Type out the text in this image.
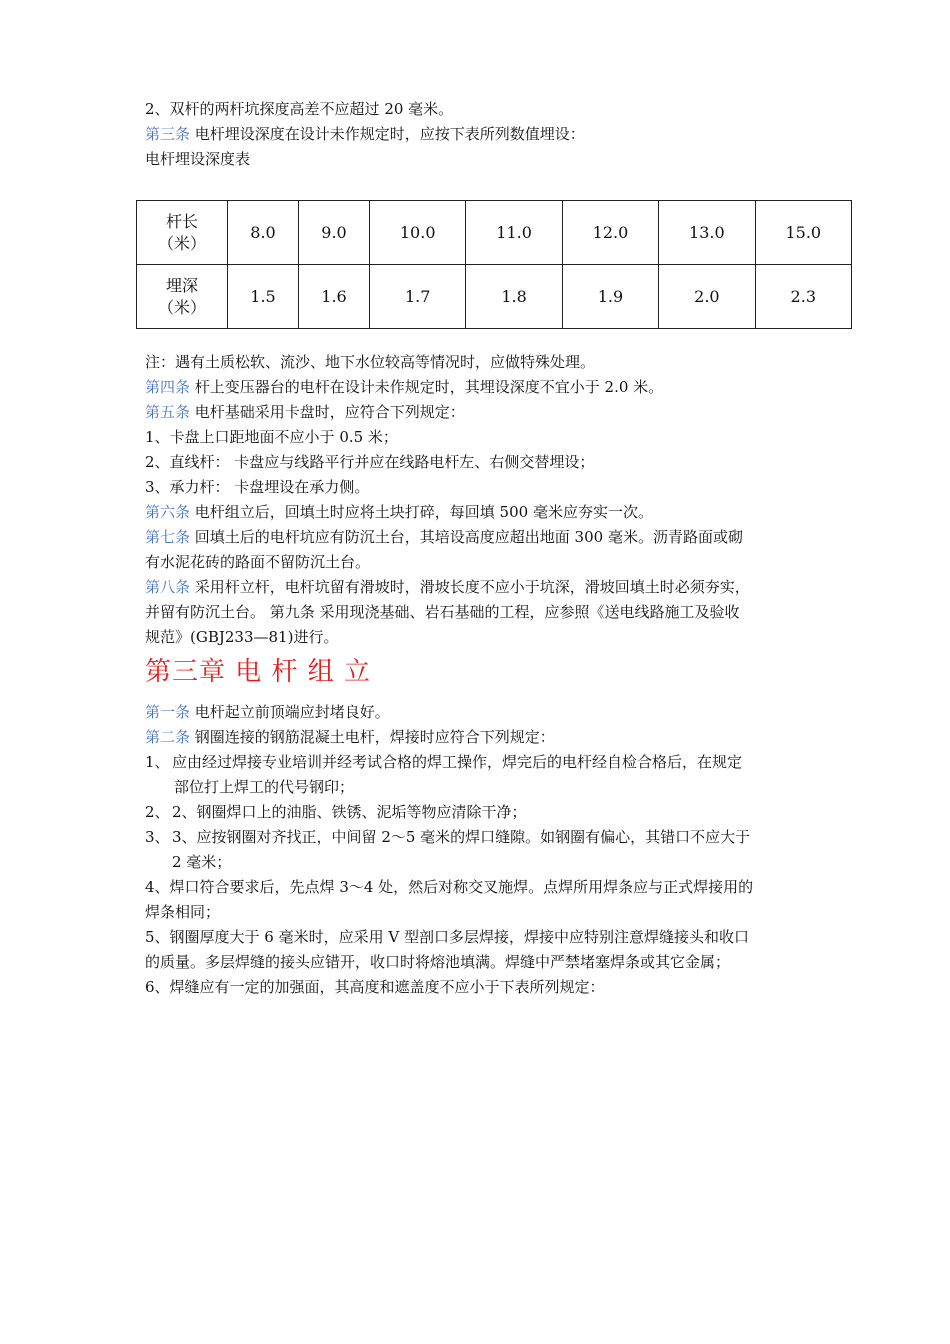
2、双杆的两杆坑探度高差不应超过 20 毫米。
第三条 电杆埋设深度在设计未作规定时，应按下表所列数值埋设：
电杆埋设深度表
杆长
（米）	8.0	9.0	10.0	11.0	12.0	13.0	15.0

埋深
（米）	1.5	1.6	1.7	1.8	1.9	2.0	2.3
注：遇有土质松软、流沙、地下水位较高等情况时，应做特殊处理。
第四条 杆上变压器台的电杆在设计未作规定时，其埋设深度不宜小于 2.0 米。
第五条 电杆基础采用卡盘时，应符合下列规定：
1、卡盘上口距地面不应小于 0.5 米；
2、直线杆： 卡盘应与线路平行并应在线路电杆左、右侧交替埋设；
3、承力杆： 卡盘埋设在承力侧。
第六条 电杆组立后，回填土时应将土块打碎，每回填 500 毫米应夯实一次。
第七条 回填土后的电杆坑应有防沉土台，其培设高度应超出地面 300 毫米。沥青路面或砌
有水泥花砖的路面不留防沉土台。
第八条 采用杆立杆，电杆坑留有滑坡时，滑坡长度不应小于坑深，滑坡回填土时必须夯实，
并留有防沉土台。 第九条 采用现浇基础、岩石基础的工程，应参照《送电线路施工及验收
规范》(GBJ233—81)进行。
第三章 电 杆 组 立
第一条 电杆起立前顶端应封堵良好。
第二条 钢圈连接的钢筋混凝土电杆，焊接时应符合下列规定：
1、 应由经过焊接专业培训并经考试合格的焊工操作，焊完后的电杆经自检合格后，在规定
部位打上焊工的代号钢印；
2、 2、钢圈焊口上的油脂、铁锈、泥垢等物应清除干净；
3、 3、应按钢圈对齐找正，中间留 2～5 毫米的焊口缝隙。如钢圈有偏心，其错口不应大于
2 毫米；
4、焊口符合要求后，先点焊 3～4 处，然后对称交叉施焊。点焊所用焊条应与正式焊接用的
焊条相同；
5、钢圈厚度大于 6 毫米时，应采用 V 型剖口多层焊接，焊接中应特别注意焊缝接头和收口
的质量。多层焊缝的接头应错开，收口时将熔池填满。焊缝中严禁堵塞焊条或其它金属；
6、焊缝应有一定的加强面，其高度和遮盖度不应小于下表所列规定：
